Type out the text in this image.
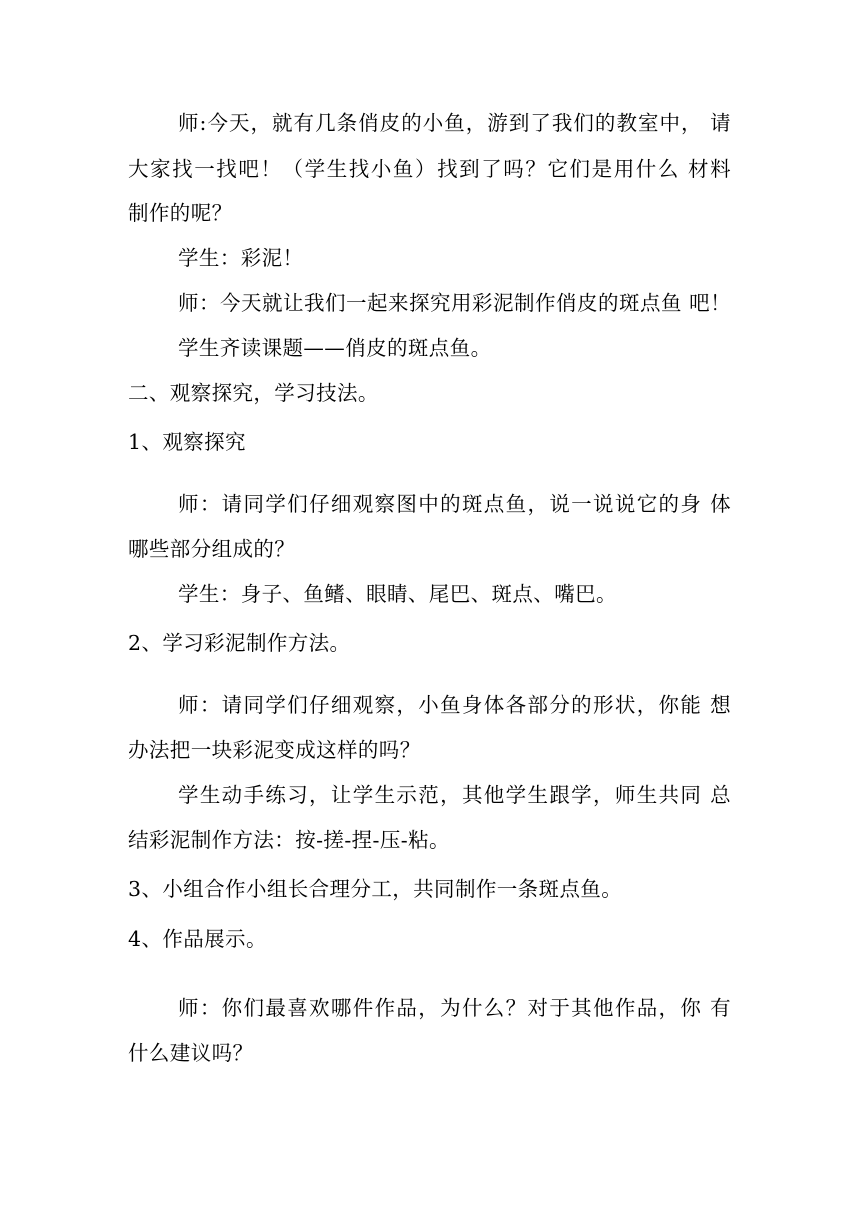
师:今天，就有几条俏皮的小鱼，游到了我们的教室中， 请
大家找一找吧！（学生找小鱼）找到了吗？它们是用什么 材料
制作的呢？
学生：彩泥！
师：今天就让我们一起来探究用彩泥制作俏皮的斑点鱼 吧！
学生齐读课题——俏皮的斑点鱼。
二、观察探究，学习技法。
1、观察探究
师：请同学们仔细观察图中的斑点鱼，说一说说它的身 体
哪些部分组成的？
学生：身子、鱼鳍、眼睛、尾巴、斑点、嘴巴。
2、学习彩泥制作方法。
师：请同学们仔细观察，小鱼身体各部分的形状，你能 想
办法把一块彩泥变成这样的吗？
学生动手练习，让学生示范，其他学生跟学，师生共同 总
结彩泥制作方法：按-搓-捏-压-粘。
3、小组合作小组长合理分工，共同制作一条斑点鱼。
4、作品展示。
师：你们最喜欢哪件作品，为什么？对于其他作品，你 有
什么建议吗？
